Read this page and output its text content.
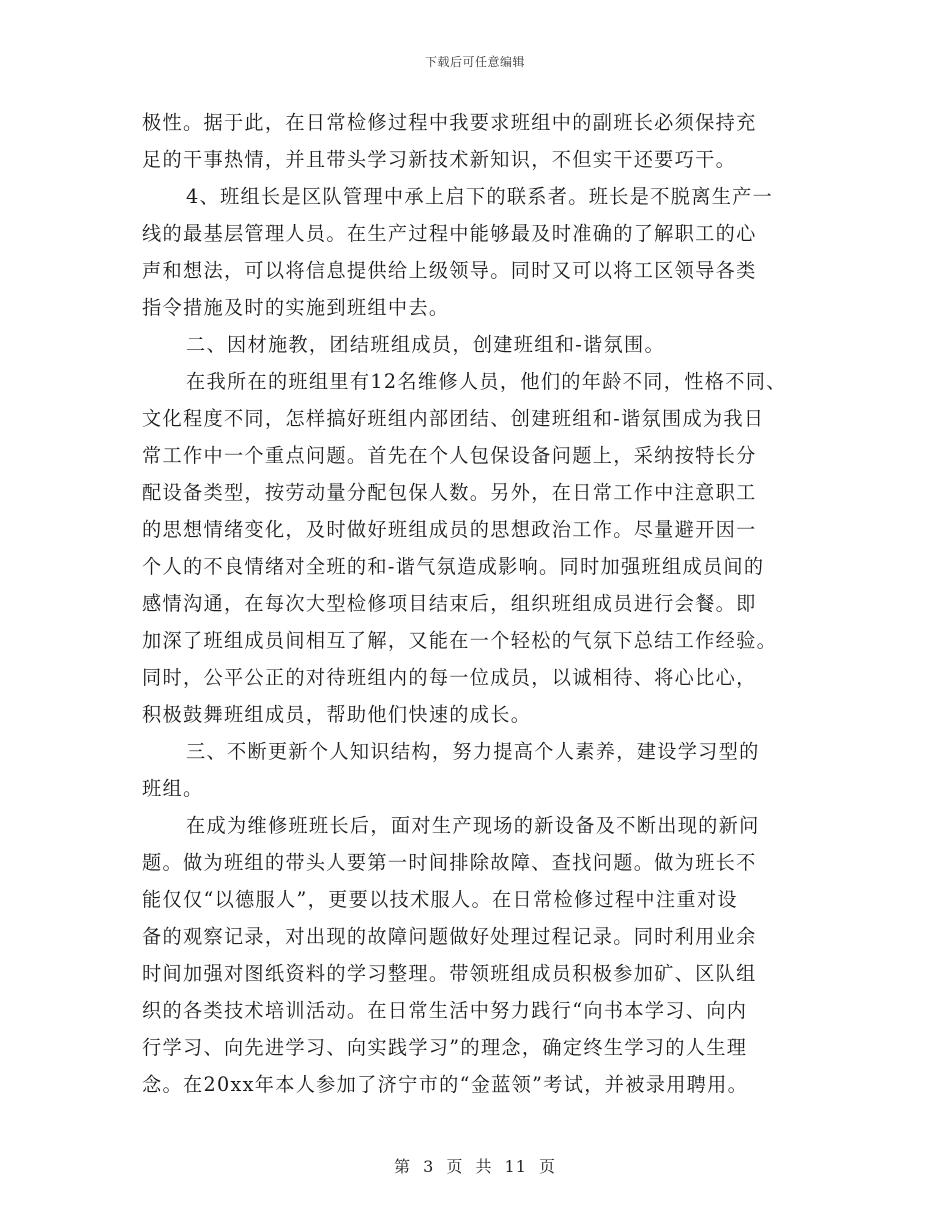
下载后可任意编辑
极性。据于此，在日常检修过程中我要求班组中的副班长必须保持充
足的干事热情，并且带头学习新技术新知识，不但实干还要巧干。
4、班组长是区队管理中承上启下的联系者。班长是不脱离生产一
线的最基层管理人员。在生产过程中能够最及时准确的了解职工的心
声和想法，可以将信息提供给上级领导。同时又可以将工区领导各类
指令措施及时的实施到班组中去。
二、因材施教，团结班组成员，创建班组和-谐氛围。
在我所在的班组里有12名维修人员，他们的年龄不同，性格不同、
文化程度不同，怎样搞好班组内部团结、创建班组和-谐氛围成为我日
常工作中一个重点问题。首先在个人包保设备问题上，采纳按特长分
配设备类型，按劳动量分配包保人数。另外，在日常工作中注意职工
的思想情绪变化，及时做好班组成员的思想政治工作。尽量避开因一
个人的不良情绪对全班的和-谐气氛造成影响。同时加强班组成员间的
感情沟通，在每次大型检修项目结束后，组织班组成员进行会餐。即
加深了班组成员间相互了解，又能在一个轻松的气氛下总结工作经验。
同时，公平公正的对待班组内的每一位成员，以诚相待、将心比心，
积极鼓舞班组成员，帮助他们快速的成长。
三、不断更新个人知识结构，努力提高个人素养，建设学习型的
班组。
在成为维修班班长后，面对生产现场的新设备及不断出现的新问
题。做为班组的带头人要第一时间排除故障、查找问题。做为班长不
能仅仅“以德服人”，更要以技术服人。在日常检修过程中注重对设
备的观察记录，对出现的故障问题做好处理过程记录。同时利用业余
时间加强对图纸资料的学习整理。带领班组成员积极参加矿、区队组
织的各类技术培训活动。在日常生活中努力践行“向书本学习、向内
行学习、向先进学习、向实践学习”的理念，确定终生学习的人生理
念。在20xx年本人参加了济宁市的“金蓝领”考试，并被录用聘用。
第 3 页 共 11 页
